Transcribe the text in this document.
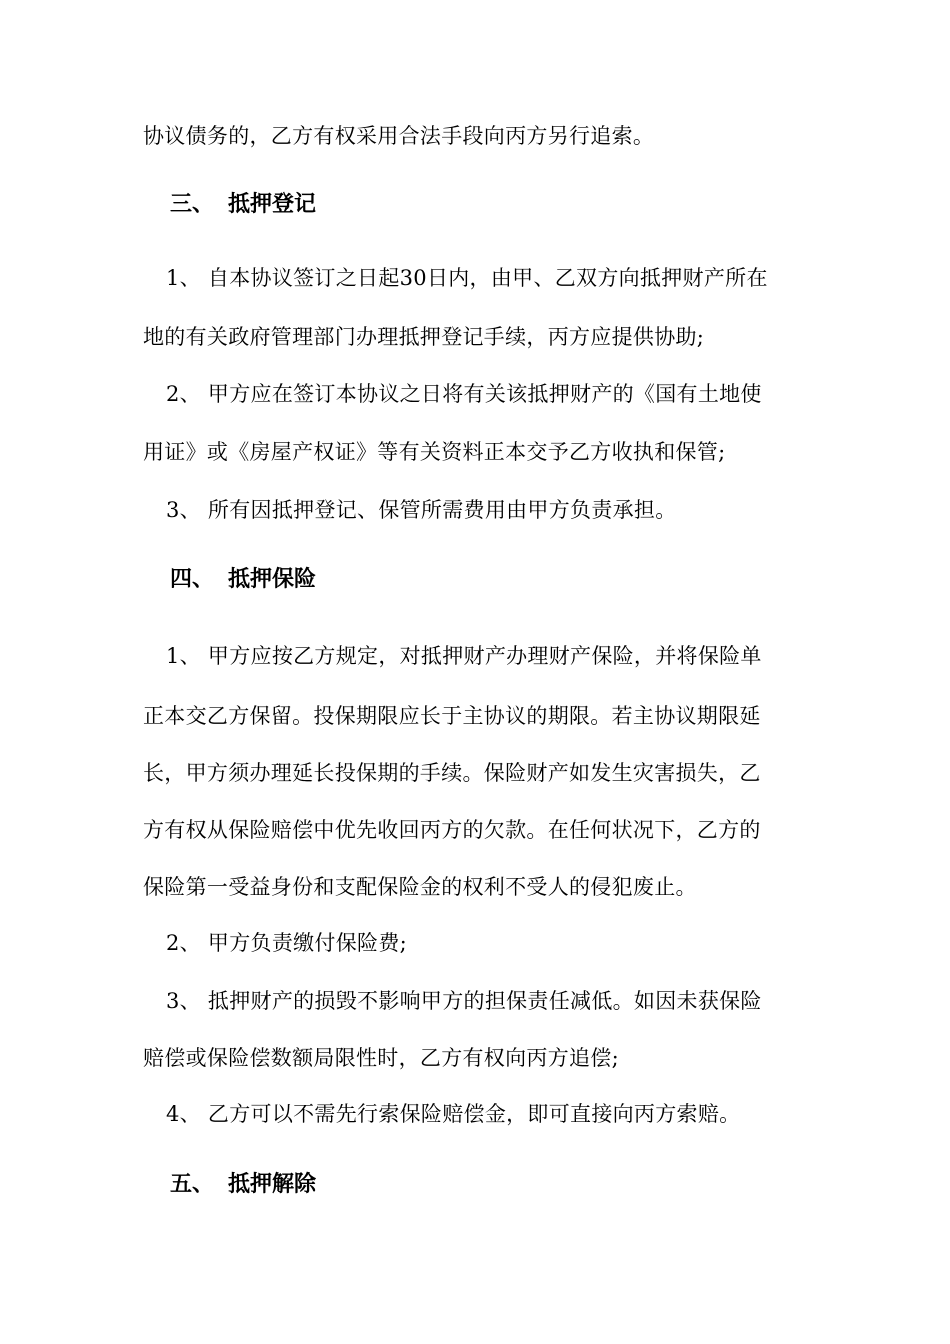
协议债务的，乙方有权采用合法手段向丙方另行追索。
三、 抵押登记
1、 自本协议签订之日起30日内，由甲、乙双方向抵押财产所在
地的有关政府管理部门办理抵押登记手续，丙方应提供协助;
2、 甲方应在签订本协议之日将有关该抵押财产的《国有土地使
用证》或《房屋产权证》等有关资料正本交予乙方收执和保管;
3、 所有因抵押登记、保管所需费用由甲方负责承担。
四、 抵押保险
1、 甲方应按乙方规定，对抵押财产办理财产保险，并将保险单
正本交乙方保留。投保期限应长于主协议的期限。若主协议期限延
长，甲方须办理延长投保期的手续。保险财产如发生灾害损失，乙
方有权从保险赔偿中优先收回丙方的欠款。在任何状况下，乙方的
保险第一受益身份和支配保险金的权利不受人的侵犯废止。
2、 甲方负责缴付保险费;
3、 抵押财产的损毁不影响甲方的担保责任减低。如因未获保险
赔偿或保险偿数额局限性时，乙方有权向丙方追偿;
4、 乙方可以不需先行索保险赔偿金，即可直接向丙方索赔。
五、 抵押解除
